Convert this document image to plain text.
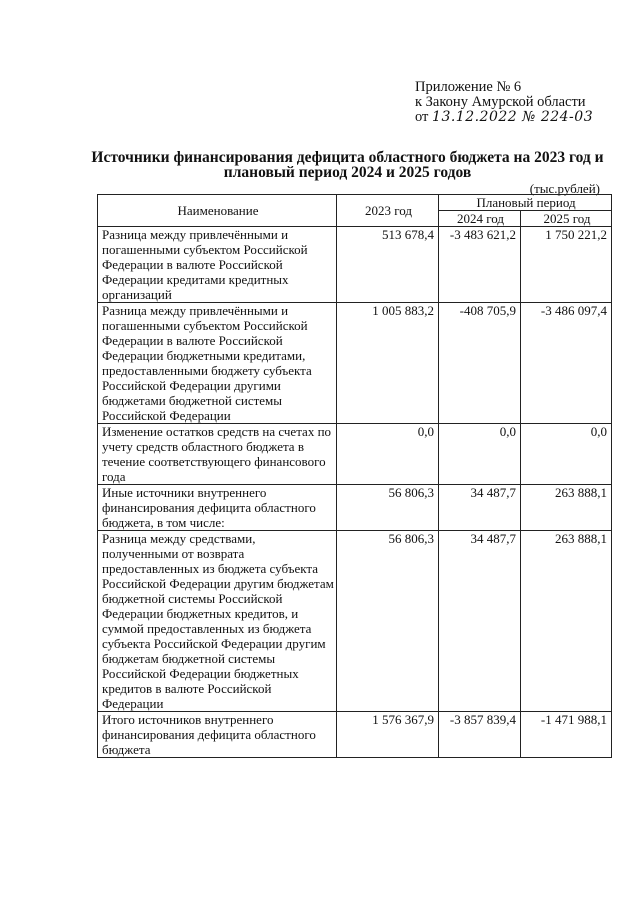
Приложение № 6
к Закону Амурской области
от 13.12.2022 № 224-03
Источники финансирования дефицита областного бюджета на 2023 год и
плановый период 2024 и 2025 годов
(тыс.рублей)
Наименование	2023 год	Плановый период	
		2024 год	2025 год
Разница между привлечёнными и погашенными субъектом Российской Федерации в валюте Российской Федерации кредитами кредитных организаций	513 678,4	-3 483 621,2	1 750 221,2
Разница между привлечёнными и погашенными субъектом Российской Федерации в валюте Российской Федерации бюджетными кредитами, предоставленными бюджету субъекта Российской Федерации другими бюджетами бюджетной системы Российской Федерации	1 005 883,2	-408 705,9	-3 486 097,4
Изменение остатков средств на счетах по учету средств областного бюджета в течение соответствующего финансового года	0,0	0,0	0,0
Иные источники внутреннего финансирования дефицита областного бюджета, в том числе:	56 806,3	34 487,7	263 888,1
Разница между средствами, полученными от возврата предоставленных из бюджета субъекта Российской Федерации другим бюджетам бюджетной системы Российской Федерации бюджетных кредитов, и суммой предоставленных из бюджета субъекта Российской Федерации другим бюджетам бюджетной системы Российской Федерации бюджетных кредитов в валюте Российской Федерации	56 806,3	34 487,7	263 888,1
Итого источников внутреннего финансирования дефицита областного бюджета	1 576 367,9	-3 857 839,4	-1 471 988,1
